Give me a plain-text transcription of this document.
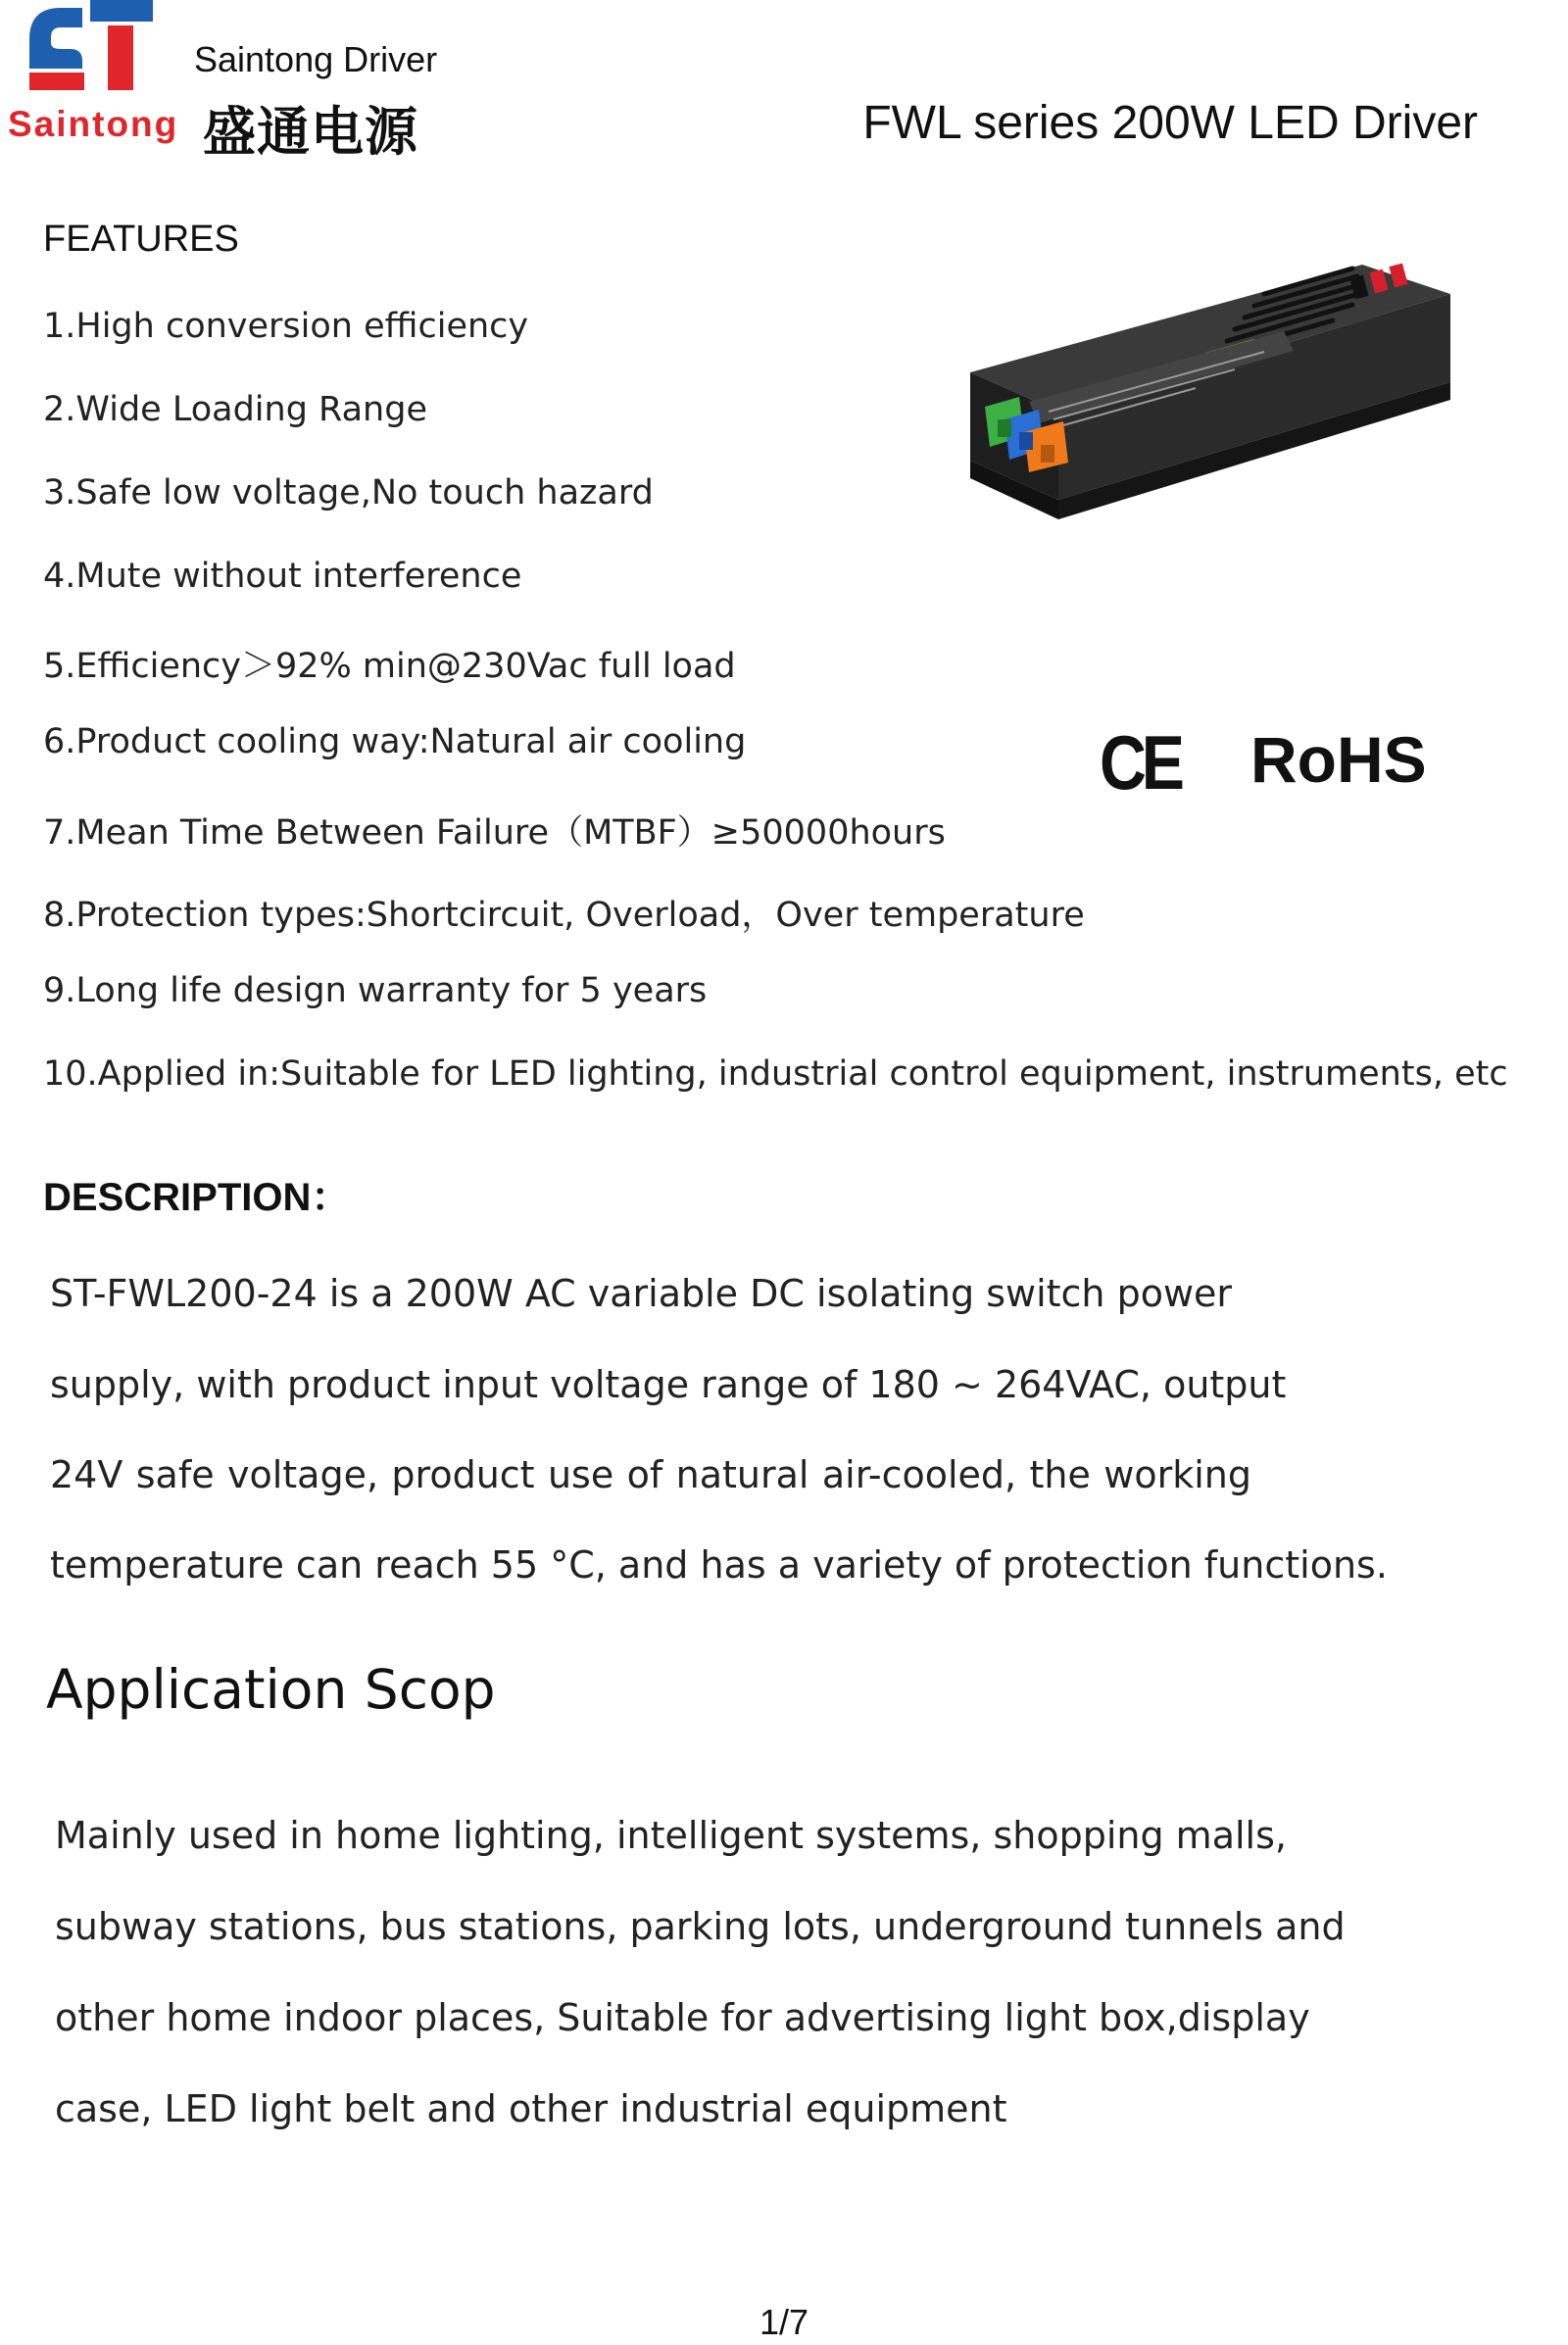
Saintong
Saintong Driver
盛通电源	FWL series 200W LED Driver
FEATURES
1.High conversion efficiency
2.Wide Loading Range
3.Safe low voltage,No touch hazard
4.Mute without interference
5.Efficiency＞92% min@230Vac full load
6.Product cooling way:Natural air cooling
7.Mean Time Between Failure（MTBF）≥50000hours
8.Protection types:Shortcircuit, Overload，Over temperature
9.Long life design warranty for 5 years
10.Applied in:Suitable for LED lighting, industrial control equipment, instruments, etc
CE RoHS
DESCRIPTION：
ST-FWL200-24 is a 200W AC variable DC isolating switch power
supply, with product input voltage range of 180 ~ 264VAC, output
24V safe voltage, product use of natural air-cooled, the working
temperature can reach 55 °C, and has a variety of protection functions.
Application Scop
Mainly used in home lighting, intelligent systems, shopping malls,
subway stations, bus stations, parking lots, underground tunnels and
other home indoor places, Suitable for advertising light box,display
case, LED light belt and other industrial equipment
1/7
